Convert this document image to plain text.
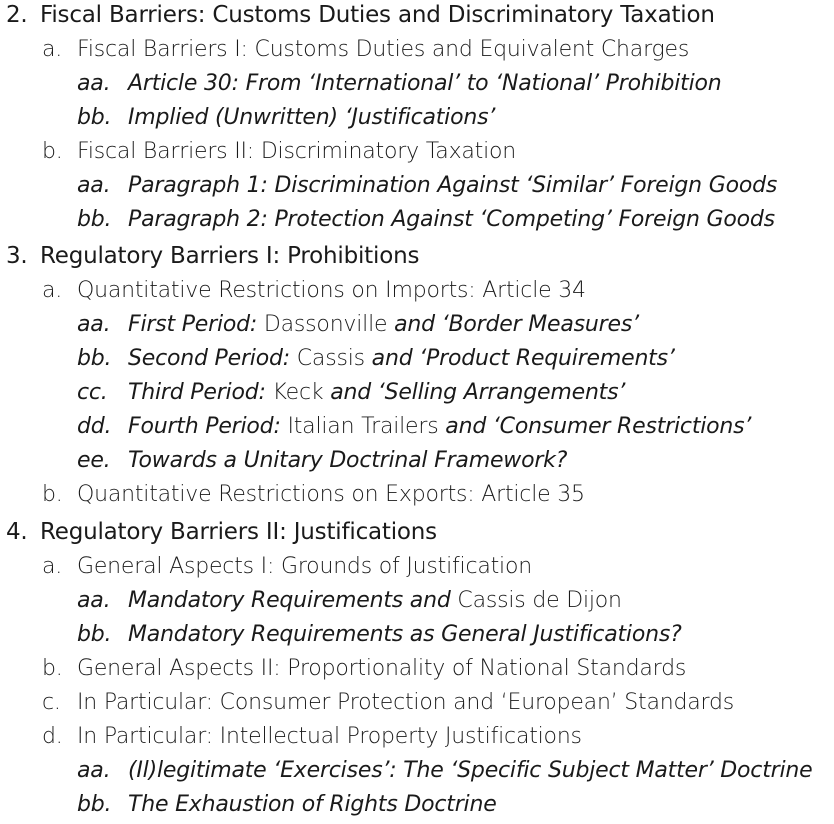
2. Fiscal Barriers: Customs Duties and Discriminatory Taxation
a. Fiscal Barriers I: Customs Duties and Equivalent Charges
aa. Article 30: From ‘International’ to ‘National’ Prohibition
bb. Implied (Unwritten) ‘Justifications’
b. Fiscal Barriers II: Discriminatory Taxation
aa. Paragraph 1: Discrimination Against ‘Similar’ Foreign Goods
bb. Paragraph 2: Protection Against ‘Competing’ Foreign Goods
3. Regulatory Barriers I: Prohibitions
a. Quantitative Restrictions on Imports: Article 34
aa. First Period: Dassonville and ‘Border Measures’
bb. Second Period: Cassis and ‘Product Requirements’
cc. Third Period: Keck and ‘Selling Arrangements’
dd. Fourth Period: Italian Trailers and ‘Consumer Restrictions’
ee. Towards a Unitary Doctrinal Framework?
b. Quantitative Restrictions on Exports: Article 35
4. Regulatory Barriers II: Justifications
a. General Aspects I: Grounds of Justification
aa. Mandatory Requirements and Cassis de Dijon
bb. Mandatory Requirements as General Justifications?
b. General Aspects II: Proportionality of National Standards
c. In Particular: Consumer Protection and ‘European’ Standards
d. In Particular: Intellectual Property Justifications
aa. (Il)legitimate ‘Exercises’: The ‘Specific Subject Matter’ Doctrine
bb. The Exhaustion of Rights Doctrine
